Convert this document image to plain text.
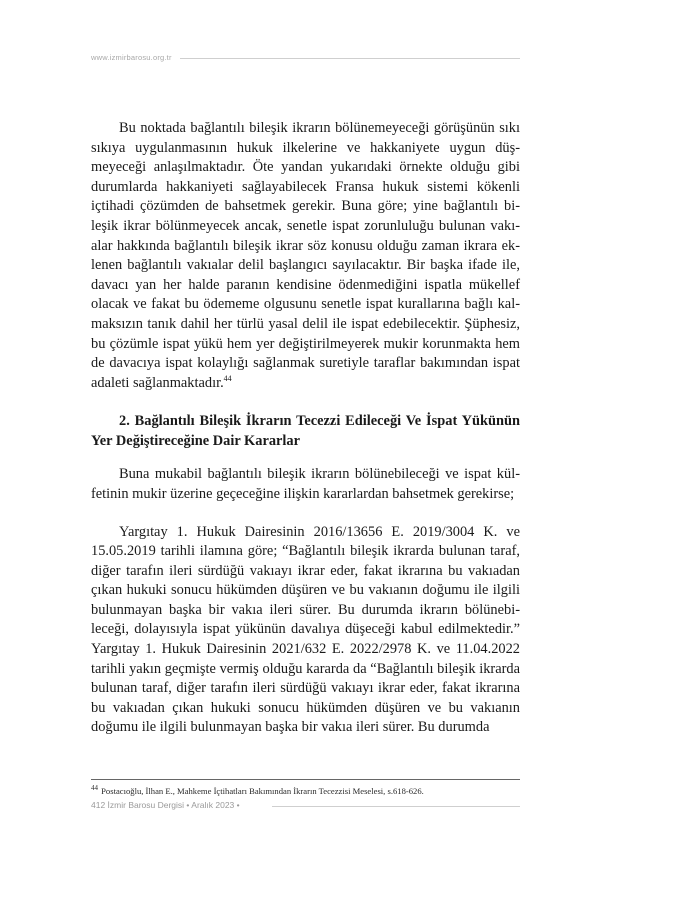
www.izmirbarosu.org.tr

Bu noktada bağlantılı bileşik ikrarın bölünemeyeceği görüşünün sıkı sıkıya uygulanmasının hukuk ilkelerine ve hakkaniyete uygun düşmeyeceği anlaşılmaktadır. Öte yandan yukarıdaki örnekte olduğu gibi durumlarda hakkaniyeti sağlayabilecek Fransa hukuk sistemi kökenli içtihadi çözümden de bahsetmek gerekir. Buna göre; yine bağlantılı bileşik ikrar bölünmeyecek ancak, senetle ispat zorunluluğu bulunan vakıalar hakkında bağlantılı bileşik ikrar söz konusu olduğu zaman ikrara eklenen bağlantılı vakıalar delil başlangıcı sayılacaktır. Bir başka ifade ile, davacı yan her halde paranın kendisine ödenmediğini ispatla mükellef olacak ve fakat bu ödememe olgusunu senetle ispat kurallarına bağlı kalmaksızın tanık dahil her türlü yasal delil ile ispat edebilecektir. Şüphesiz, bu çözümle ispat yükü hem yer değiştirilmeyerek mukir korunmakta hem de davacıya ispat kolaylığı sağlanmak suretiyle taraflar bakımından ispat adaleti sağlanmaktadır.$^{44}$

2. Bağlantılı Bileşik İkrarın Tecezzi Edileceği Ve İspat Yükünün Yer Değiştireceğine Dair Kararlar

Buna mukabil bağlantılı bileşik ikrarın bölünebileceği ve ispat külfetinin mukir üzerine geçeceğine ilişkin kararlardan bahsetmek gerekirse;

Yargıtay 1. Hukuk Dairesinin 2016/13656 E. 2019/3004 K. ve 15.05.2019 tarihli ilamına göre; “Bağlantılı bileşik ikrarda bulunan taraf, diğer tarafın ileri sürdüğü vakıayı ikrar eder, fakat ikrarına bu vakıadan çıkan hukuki sonucu hükümden düşüren ve bu vakıanın doğumu ile ilgili bulunmayan başka bir vakıa ileri sürer. Bu durumda ikrarın bölünebileceği, dolayısıyla ispat yükünün davalıya düşeceği kabul edilmektedir.” Yargıtay 1. Hukuk Dairesinin 2021/632 E. 2022/2978 K. ve 11.04.2022 tarihli yakın geçmişte vermiş olduğu kararda da “Bağlantılı bileşik ikrarda bulunan taraf, diğer tarafın ileri sürdüğü vakıayı ikrar eder, fakat ikrarına bu vakıadan çıkan hukuki sonucu hükümden düşüren ve bu vakıanın doğumu ile ilgili bulunmayan başka bir vakıa ileri sürer. Bu durumda

$^{44}$ Postacıoğlu, İlhan E., Mahkeme İçtihatları Bakımından İkrarın Tecezzisi Meselesi, s.618-626.
412 İzmir Barosu Dergisi • Aralık 2023 •
